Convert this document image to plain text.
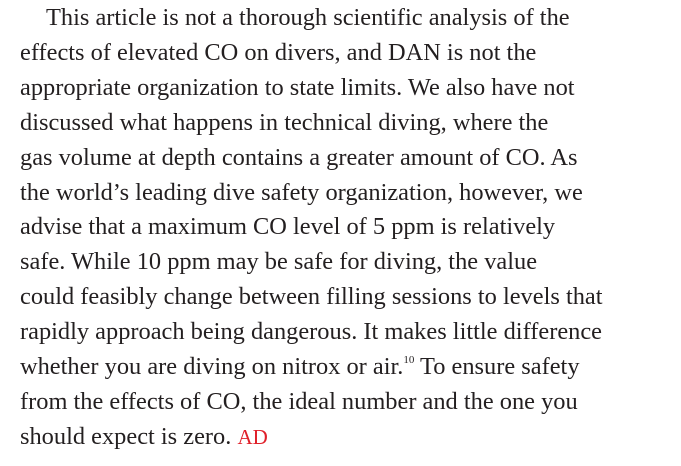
This article is not a thorough scientific analysis of the
effects of elevated CO on divers, and DAN is not the
appropriate organization to state limits. We also have not
discussed what happens in technical diving, where the
gas volume at depth contains a greater amount of CO. As
the world’s leading dive safety organization, however, we
advise that a maximum CO level of 5 ppm is relatively
safe. While 10 ppm may be safe for diving, the value
could feasibly change between filling sessions to levels that
rapidly approach being dangerous. It makes little difference
whether you are diving on nitrox or air.$^{10}$ To ensure safety
from the effects of CO, the ideal number and the one you
should expect is zero. AD
